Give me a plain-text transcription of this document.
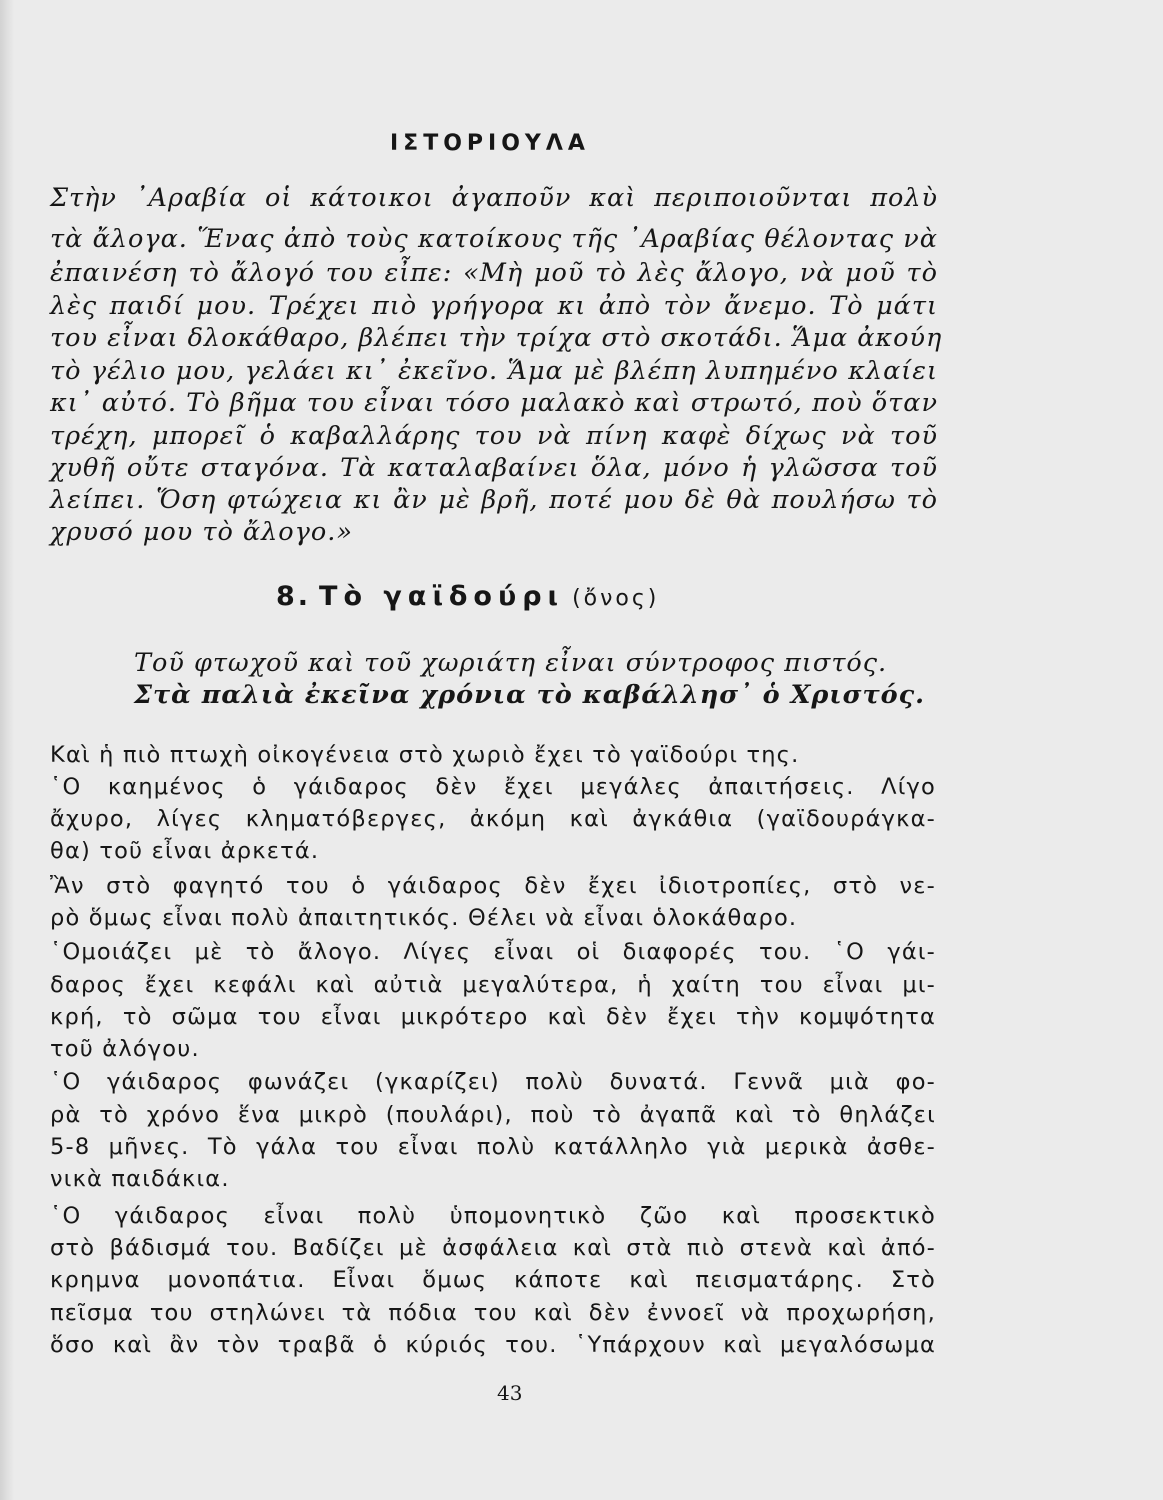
ΙΣΤΟΡΙΟΥΛΑ
Στὴν ᾿Αραβία οἱ κάτοικοι ἀγαποῦν καὶ περιποιοῦνται πολὺ
τὰ ἄλογα. Ἕνας ἀπὸ τοὺς κατοίκους τῆς ᾿Αραβίας θέλοντας νὰ
ἐπαινέση τὸ ἄλογό του εἶπε: «Μὴ μοῦ τὸ λὲς ἄλογο, νὰ μοῦ τὸ
λὲς παιδί μου. Τρέχει πιὸ γρήγορα κι ἀπὸ τὸν ἄνεμο. Τὸ μάτι
του εἶναι δλοκάθαρο, βλέπει τὴν τρίχα στὸ σκοτάδι. Ἅμα ἀκούη
τὸ γέλιο μου, γελάει κι᾿ ἐκεῖνο. Ἅμα μὲ βλέπη λυπημένο κλαίει
κι᾿ αὐτό. Τὸ βῆμα του εἶναι τόσο μαλακὸ καὶ στρωτό, ποὺ ὅταν
τρέχη, μπορεῖ ὁ καβαλλάρης του νὰ πίνη καφὲ δίχως νὰ τοῦ
χυθῆ οὔτε σταγόνα. Τὰ καταλαβαίνει ὅλα, μόνο ἡ γλῶσσα τοῦ
λείπει. Ὅση φτώχεια κι ἂν μὲ βρῆ, ποτέ μου δὲ θὰ πουλήσω τὸ
χρυσό μου τὸ ἄλογο.»
8. Τὸ γαϊδούρι (ὄνος)
Τοῦ φτωχοῦ καὶ τοῦ χωριάτη εἶναι σύντροφος πιστός.
Στὰ παλιὰ ἐκεῖνα χρόνια τὸ καβάλλησ᾿ ὁ Χριστός.
Καὶ ἡ πιὸ πτωχὴ οἰκογένεια στὸ χωριὸ ἔχει τὸ γαϊδούρι της.
῾Ο καημένος ὁ γάιδαρος δὲν ἔχει μεγάλες ἀπαιτήσεις. Λίγο
ἄχυρο, λίγες κληματόβεργες, ἀκόμη καὶ ἀγκάθια (γαϊδουράγκα-
θα) τοῦ εἶναι ἀρκετά.
Ἂν στὸ φαγητό του ὁ γάιδαρος δὲν ἔχει ἰδιοτροπίες, στὸ νε-
ρὸ ὅμως εἶναι πολὺ ἀπαιτητικός. Θέλει νὰ εἶναι ὁλοκάθαρο.
῾Ομοιάζει μὲ τὸ ἄλογο. Λίγες εἶναι οἱ διαφορές του. ῾Ο γάι-
δαρος ἔχει κεφάλι καὶ αὐτιὰ μεγαλύτερα, ἡ χαίτη του εἶναι μι-
κρή, τὸ σῶμα του εἶναι μικρότερο καὶ δὲν ἔχει τὴν κομψότητα
τοῦ ἀλόγου.
῾Ο γάιδαρος φωνάζει (γκαρίζει) πολὺ δυνατά. Γεννᾶ μιὰ φο-
ρὰ τὸ χρόνο ἕνα μικρὸ (πουλάρι), ποὺ τὸ ἀγαπᾶ καὶ τὸ θηλάζει
5-8 μῆνες. Τὸ γάλα του εἶναι πολὺ κατάλληλο γιὰ μερικὰ ἀσθε-
νικὰ παιδάκια.
῾Ο γάιδαρος εἶναι πολὺ ὑπομονητικὸ ζῶο καὶ προσεκτικὸ
στὸ βάδισμά του. Βαδίζει μὲ ἀσφάλεια καὶ στὰ πιὸ στενὰ καὶ ἀπό-
κρημνα μονοπάτια. Εἶναι ὅμως κάποτε καὶ πεισματάρης. Στὸ
πεῖσμα του στηλώνει τὰ πόδια του καὶ δὲν ἐννοεῖ νὰ προχωρήση,
ὅσο καὶ ἂν τὸν τραβᾶ ὁ κύριός του. ῾Υπάρχουν καὶ μεγαλόσωμα
43
